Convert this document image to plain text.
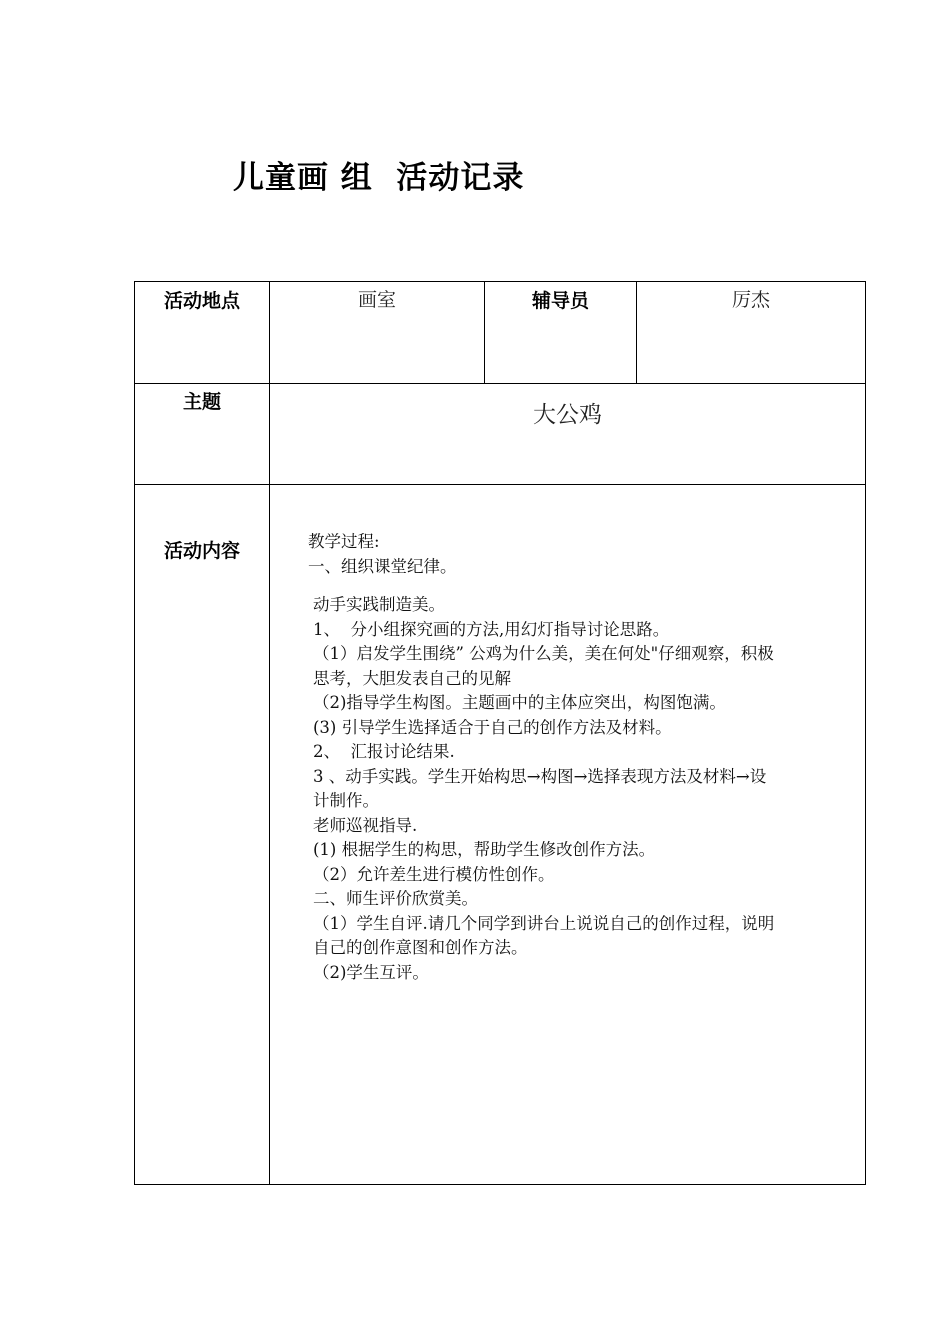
儿童画 组  活动记录
活动地点	画室	辅导员	厉杰
主题	大公鸡
活动内容	教学过程:

一、组织课堂纪律。

动手实践制造美。

1、  分小组探究画的方法,用幻灯指导讨论思路。

（1）启发学生围绕” 公鸡为什么美，美在何处"仔细观察，积极

思考，大胆发表自己的见解

（2)指导学生构图。主题画中的主体应突出，构图饱满。

(3) 引导学生选择适合于自己的创作方法及材料。

2、  汇报讨论结果.

3 、动手实践。学生开始构思→构图→选择表现方法及材料→设

计制作。

老师巡视指导.

(1) 根据学生的构思，帮助学生修改创作方法。

（2）允许差生进行模仿性创作。

二、师生评价欣赏美。

（1）学生自评.请几个同学到讲台上说说自己的创作过程，说明

自己的创作意图和创作方法。

（2)学生互评。
